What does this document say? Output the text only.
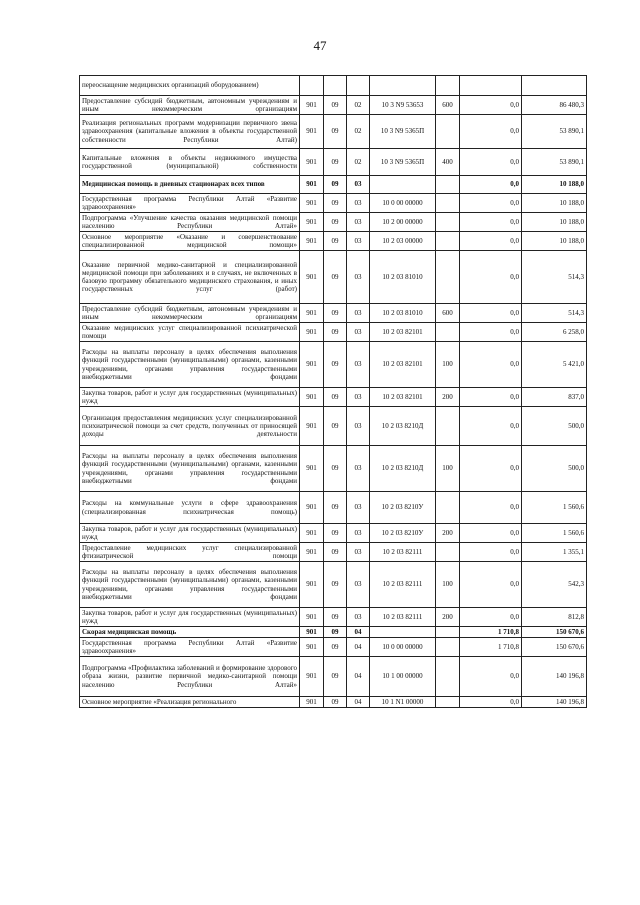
47
переоснащение медицинских организаций оборудованием)							
Предоставление субсидий бюджетным, автономным учреждениям и иным некоммерческим организациям	901	09	02	10 3 N9 53653	600	0,0	86 480,3
Реализация региональных программ модернизации первичного звена здравоохранения (капитальные вложения в объекты государственной собственности Республики Алтай)	901	09	02	10 3 N9 5365П		0,0	53 890,1
Капитальные вложения в объекты недвижимого имущества государственной (муниципальной) собственности	901	09	02	10 3 N9 5365П	400	0,0	53 890,1
Медицинская помощь в дневных стационарах всех типов	901	09	03			0,0	10 188,0
Государственная программа Республики Алтай «Развитие здравоохранения»	901	09	03	10 0 00 00000		0,0	10 188,0
Подпрограмма «Улучшение качества оказания медицинской помощи населению Республики Алтай»	901	09	03	10 2 00 00000		0,0	10 188,0
Основное мероприятие «Оказание и совершенствование специализированной медицинской помощи»	901	09	03	10 2 03 00000		0,0	10 188,0
Оказание первичной медико-санитарной и специализированной медицинской помощи при заболеваниях и в случаях, не включенных в базовую программу обязательного медицинского страхования, и иных государственных услуг (работ)	901	09	03	10 2 03 81010		0,0	514,3
Предоставление субсидий бюджетным, автономным учреждениям и иным некоммерческим организациям	901	09	03	10 2 03 81010	600	0,0	514,3
Оказание медицинских услуг специализированной психиатрической помощи	901	09	03	10 2 03 82101		0,0	6 258,0
Расходы на выплаты персоналу в целях обеспечения выполнения функций государственными (муниципальными) органами, казенными учреждениями, органами управления государственными внебюджетными фондами	901	09	03	10 2 03 82101	100	0,0	5 421,0
Закупка товаров, работ и услуг для государственных (муниципальных) нужд	901	09	03	10 2 03 82101	200	0,0	837,0
Организация предоставления медицинских услуг специализированной психиатрической помощи за счет средств, полученных от приносящей доходы деятельности	901	09	03	10 2 03 8210Д		0,0	500,0
Расходы на выплаты персоналу в целях обеспечения выполнения функций государственными (муниципальными) органами, казенными учреждениями, органами управления государственными внебюджетными фондами	901	09	03	10 2 03 8210Д	100	0,0	500,0
Расходы на коммунальные услуги в сфере здравоохранения (специализированная психиатрическая помощь)	901	09	03	10 2 03 8210У		0,0	1 560,6
Закупка товаров, работ и услуг для государственных (муниципальных) нужд	901	09	03	10 2 03 8210У	200	0,0	1 560,6
Предоставление медицинских услуг специализированной фтизиатрической помощи	901	09	03	10 2 03 82111		0,0	1 355,1
Расходы на выплаты персоналу в целях обеспечения выполнения функций государственными (муниципальными) органами, казенными учреждениями, органами управления государственными внебюджетными фондами	901	09	03	10 2 03 82111	100	0,0	542,3
Закупка товаров, работ и услуг для государственных (муниципальных) нужд	901	09	03	10 2 03 82111	200	0,0	812,8
Скорая медицинская помощь	901	09	04			1 710,8	150 670,6
Государственная программа Республики Алтай «Развитие здравоохранения»	901	09	04	10 0 00 00000		1 710,8	150 670,6
Подпрограмма «Профилактика заболеваний и формирование здорового образа жизни, развитие первичной медико-санитарной помощи населению Республики Алтай»	901	09	04	10 1 00 00000		0,0	140 196,8
Основное мероприятие «Реализация регионального	901	09	04	10 1 N1 00000		0,0	140 196,8
